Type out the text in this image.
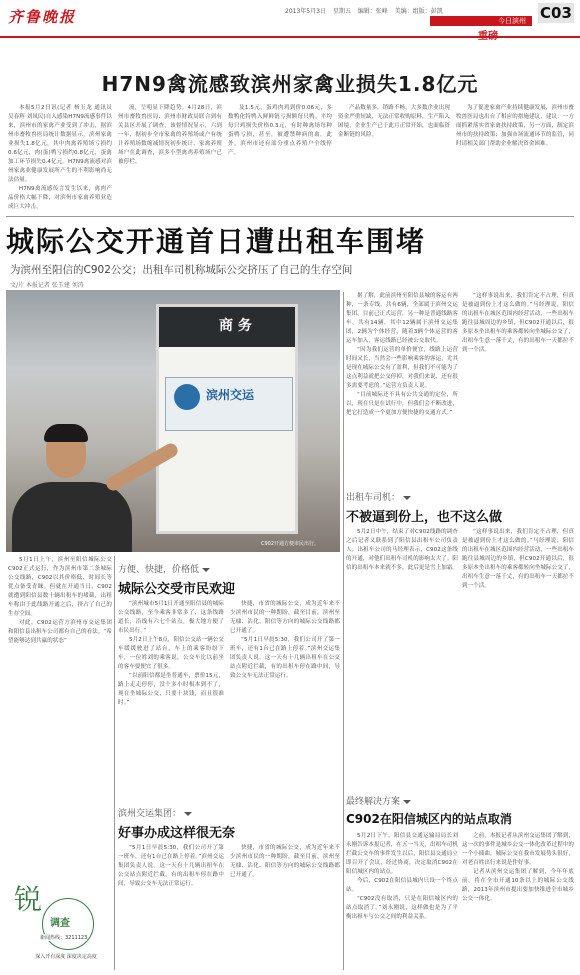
齐鲁晚报	2013年5月3日 星期五 编辑：张峰 美编：组版：彭凯	C03
今日滨州
重磅
H7N9禽流感致滨州家禽业损失1.8亿元

本报5月2日讯(记者 杨玉龙 通讯员 吴春辉 刘凤民)自入感染H7N9流感事件以来，滨州市的家禽产业受到了冲击，据滨州市畜牧兽医局统计数据显示，滨州家禽业损失1.8亿元，其中肉禽养殖场亏损约0.6亿元，肉(蛋)鸭亏损约0.8亿元，蛋禽加工环节损失0.4亿元。H7N9禽流感对滨州家禽业健康发展所产生的不利影响尚无法估量。

H7N9禽流感传言发生以来，禽肉产品价格大幅下降，对滨州市家禽养殖业造成巨大冲击。

流，呈明显下降趋势。4月28日，滨州市畜牧兽医局、滨州市财政局联合到有关县区开展了调查，该督情况显示，六到一年，据初步全市家禽的养殖场或户有统计养殖场数缩减情况初步统计，家禽养殖场户在此调查，滨多小型禽鸡养殖场户已被停栏。

及1.5元，蛋鸡肉鸡到价0.06元，多数鸭化特鸭入鲜鲜链亏损额每只鸭。平均每只鸡损失价格0.3元，有时种禽场每种蛋鸭亏损，甚至，被遭禁种病的禽。此外，滨州市还有部分重点养殖户全线停产。

产品数量多，销路不畅，大多数企业出现资金严重短缺，无法正常收购原料，生产陷入困境，企业生产已于此月正常开始，也面临资金断链的风险。

为了促进家禽产业持续健康发展，滨州市畜牧兽医局也出台了相应的措施建议，建议：一方面抓紧落实省家禽扶持政策，另一方面，制定滨州市的扶持政策；加强市场流通环节的监管，同时请相关部门帮助企业解决资金困难。

城际公交开通首日遭出租车围堵
为滨州至阳信的C902公交；出租车司机称城际公交挤压了自己的生存空间
文/片 本报记者 张玉建 刘涛
商 务
滨州交运
C902开通方便市民出行。

据了解，此前滨州至阳信县城的客运有两种，一条专线，共有6辆，全部属于滨州交运集团。目前已正式运营，另一种是普通线路客车，共有14辆，其中12辆属于滨州交运集团，2辆为个体经营，随着3辆个体运营的客运车加入，客运线路已经被公交取代。

“因为我们运营的单价便宜，线路上运营时间又长，当然会一些影响乘客的客运，尤其是现在城际公交有了盈利，但我们不可能为了这点利益就把公交停掉，对我们来说，还有很多需要考虑的。”运营方负责人说。

“目前城际还不具有公共交通的定位，所以，现在只是在试行中，但我们会不断改进，把它打造成一个更加方便快捷的交通方式。”

“这样事说出来，我们肯定不占理，但真是被逼到份上才这么做的。”马经理说，阳信的出租车在城区范围内经营活动，一些出租车跑往县城周边的乡镇，但C902开通以后，很多原本坐出租车的乘客都转向坐城际公交了，出租车生意一落千丈，有的出租车一天都拉不到一个活。

出租车司机：
不被逼到份上，也不这么做

5月2日中午，结束了对C902线路的调查之后记者又联系到了阳信县出租车公司负责人。出租车公司的马经理表示，C902这条线的开通，对他们出租车司机的影响太大了。阳信的出租车本来就不多，此后更是雪上加霜。

“这样事说出来，我们肯定不占理，但真是被逼到份上才这么做的。”马经理说，阳信的出租车在城区范围内经营活动，一些出租车跑往县城周边的乡镇，但C902开通以后，很多原本坐出租车的乘客都转向坐城际公交了，出租车生意一落千丈，有的出租车一天都拉不到一个活。

5月1日上午，滨州至阳信城际公交C902正式运行，作为滨州市第二条城际公交线路，C902以其价格低、时间长等优点备受青睐。但就在开通当日，C902就遭到阳信县数十辆出租车的堵截，出租车称由于此线路开通之后，挤占了自己的生存空间。

对此，C902运营方滨州市交运集团和阳信县出租车公司都有自己的看法。“希望能够达到共赢的状态”

方便、快捷，价格低
城际公交受市民欢迎

“滨州城市5月1日开通至阳信县的城际公交线路，至今乘客非常多了，这条线路道长，沿线有六七个站点，极大地方便了市民出行。”

5月2日上午8点，阳信公交站一辆公交车缓缓驶进了站台，车上的乘客纷纷下车，一位姓刘的乘客说，公交车比以前坐的客车要便宜了很多。

“以前阳信都是坐普通车，票价15元，路上走走停停，没个多小时根本到不了，现在坐城际公交，只要十块钱，而且很准时。”

快捷，市省的城际公交，成为近年来不少滨州市民的一种期盼，截至目前，滨州至无棣、沾化、阳信等方向的城际公交线路都已开通了。

“5月1日早晨5:30，我们公司开了第一班车，还有1台已在路上停着。”滨州交运集团负责人说。这一天有十几辆出租车在公交站点附近拦截，有的出租车停在路中间，导致公交车无法正常运行。

滨州交运集团：
好事办成这样很无奈

“5月1日早晨5:30，我们公司开了第一班车，还有1台已在路上停着。”滨州交运集团负责人说。这一天有十几辆出租车在公交站点附近拦截，有的出租车停在路中间，导致公交车无法正常运行。

快捷，市省的城际公交，成为近年来不少滨州市民的一种期盼，截至目前，滨州至无棣、沾化、阳信等方向的城际公交线路都已开通了。

最终解决方案
C902在阳信城区内的站点取消

5月2日下午，阳信县交通运输局局长刘永刚告诉本报记者，在五一当天，出租车司机拦截公交车的事件发生以后，阳信县交通局立即召开了会议，经过协商，决定取消C902在阳信城区内的站点。

今后，C902在阳信县城内只设一个终点站。

“C902没有取消，只是在阳信城区内的站点取消了。”刘永刚说，这样做也是为了平衡出租车与公交之间的利益关系。

之前，本报记者从滨州交运集团了解到，这一次的事件是城乡公交一体化改革过程中的一个小插曲，城际公交在我市发展势头很好，对老百姓出行来说是件好事。

记者从滨州交运集团了解到，今年年底前，将在全市开通10条以上的城际公交线路，2013年滨州市提出要加快推进全市城乡公交一体化。

锐
调查
新闻热线：3211123
深入开有深度 深度决定高度
